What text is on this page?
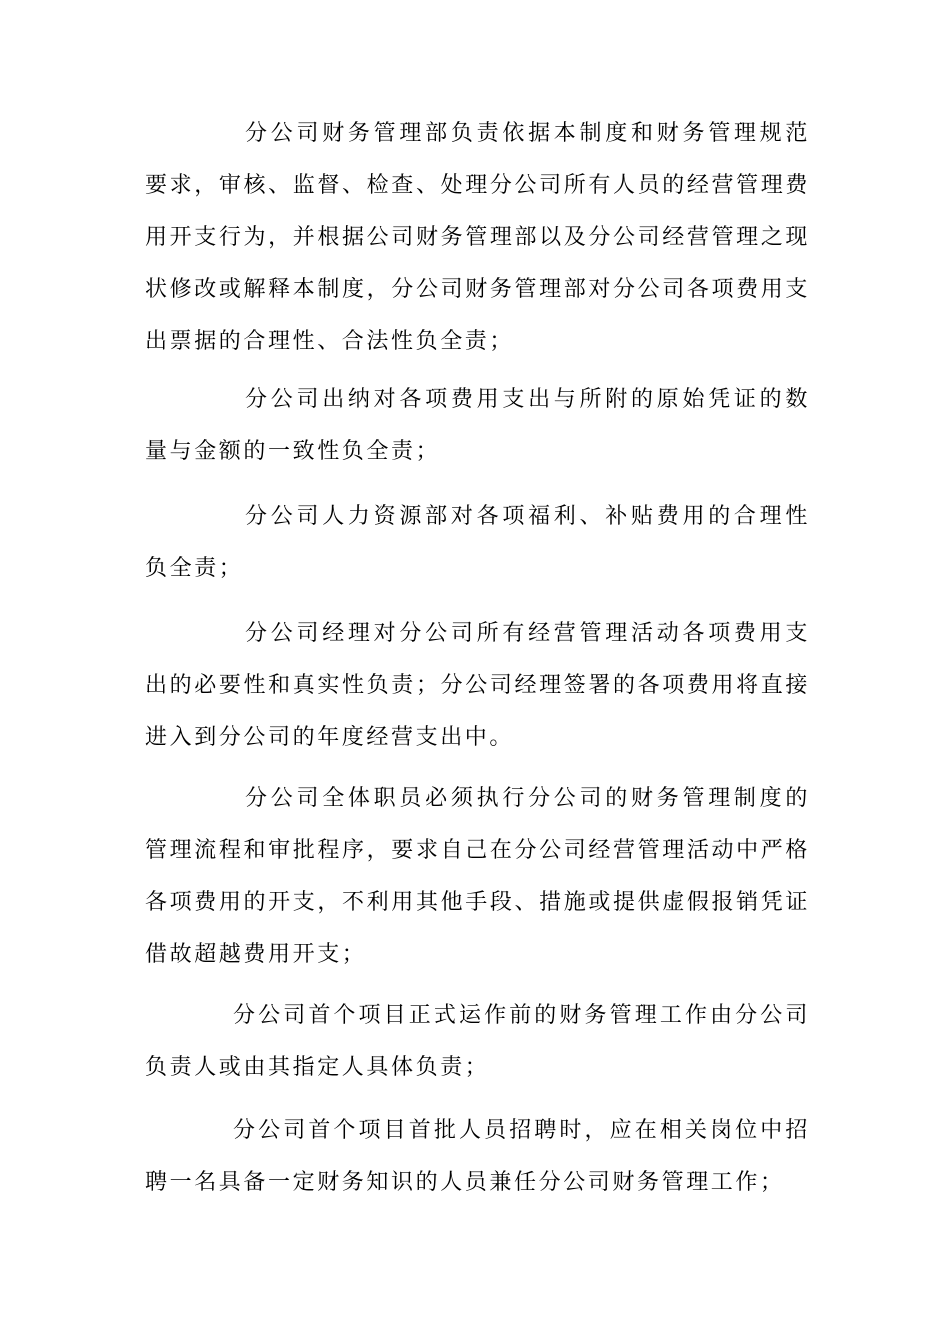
分公司财务管理部负责依据本制度和财务管理规范要求，审核、监督、检查、处理分公司所有人员的经营管理费用开支行为，并根据公司财务管理部以及分公司经营管理之现状修改或解释本制度，分公司财务管理部对分公司各项费用支出票据的合理性、合法性负全责；

分公司出纳对各项费用支出与所附的原始凭证的数量与金额的一致性负全责；

分公司人力资源部对各项福利、补贴费用的合理性负全责；

分公司经理对分公司所有经营管理活动各项费用支出的必要性和真实性负责；分公司经理签署的各项费用将直接进入到分公司的年度经营支出中。

分公司全体职员必须执行分公司的财务管理制度的管理流程和审批程序，要求自己在分公司经营管理活动中严格各项费用的开支，不利用其他手段、措施或提供虚假报销凭证借故超越费用开支；

分公司首个项目正式运作前的财务管理工作由分公司负责人或由其指定人具体负责；

分公司首个项目首批人员招聘时，应在相关岗位中招聘一名具备一定财务知识的人员兼任分公司财务管理工作；
